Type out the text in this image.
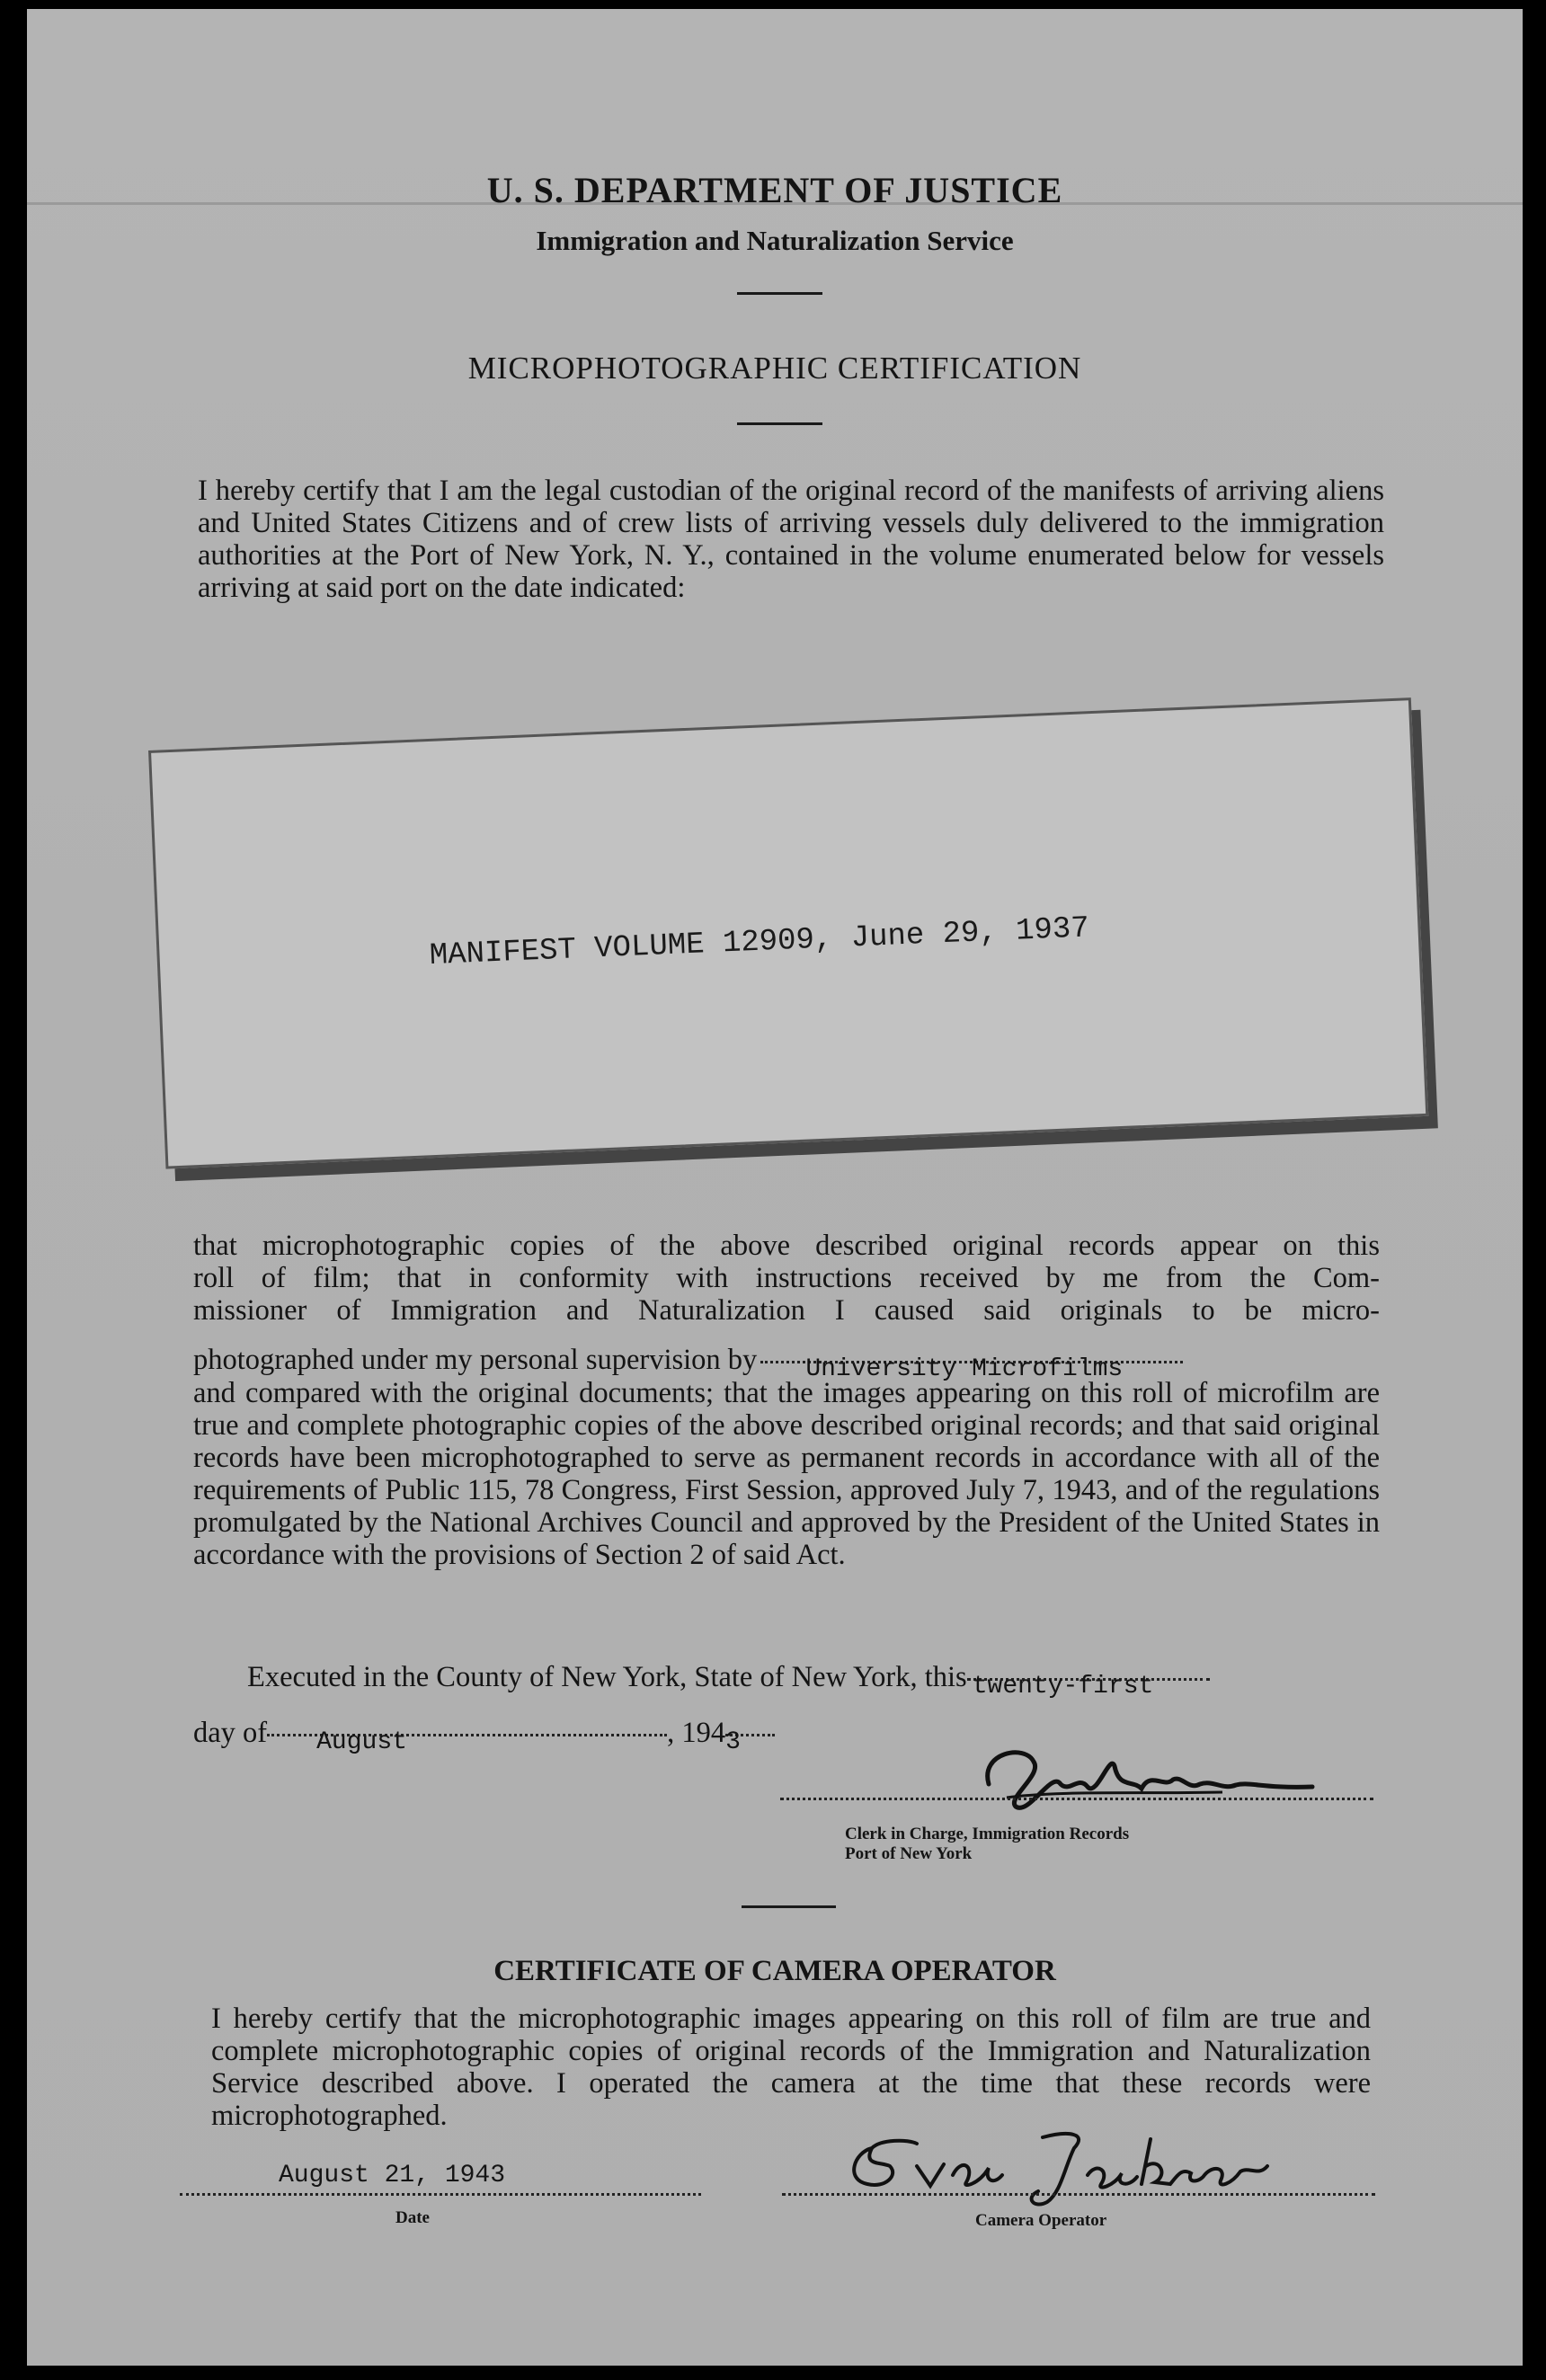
U. S. DEPARTMENT OF JUSTICE
Immigration and Naturalization Service
MICROPHOTOGRAPHIC CERTIFICATION
I hereby certify that I am the legal custodian of the original record of the manifests of arriving aliens and United States Citizens and of crew lists of arriving vessels duly delivered to the immigration authorities at the Port of New York, N. Y., contained in the volume enumerated below for vessels arriving at said port on the date indicated:
that microphotographic copies of the above described original records appear on this
roll of film; that in conformity with instructions received by me from the Com-
missioner of Immigration and Naturalization I caused said originals to be micro-
MANIFEST VOLUME 12909, June 29, 1937
photographed under my personal supervision by University Microfilms
and compared with the original documents; that the images appearing on this roll of microfilm are true and complete photographic copies of the above described original records; and that said original records have been microphotographed to serve as permanent records in accordance with all of the requirements of Public 115, 78 Congress, First Session, approved July 7, 1943, and of the regulations promulgated by the National Archives Council and approved by the President of the United States in accordance with the provisions of Section 2 of said Act.
Executed in the County of New York, State of New York, this twenty-first
day of August	, 194 3
Clerk in Charge, Immigration Records
Port of New York
CERTIFICATE OF CAMERA OPERATOR
I hereby certify that the microphotographic images appearing on this roll of film are true and complete microphotographic copies of original records of the Immigration and Naturalization Service described above. I operated the camera at the time that these records were microphotographed.
August 21, 1943
Date	Camera Operator
